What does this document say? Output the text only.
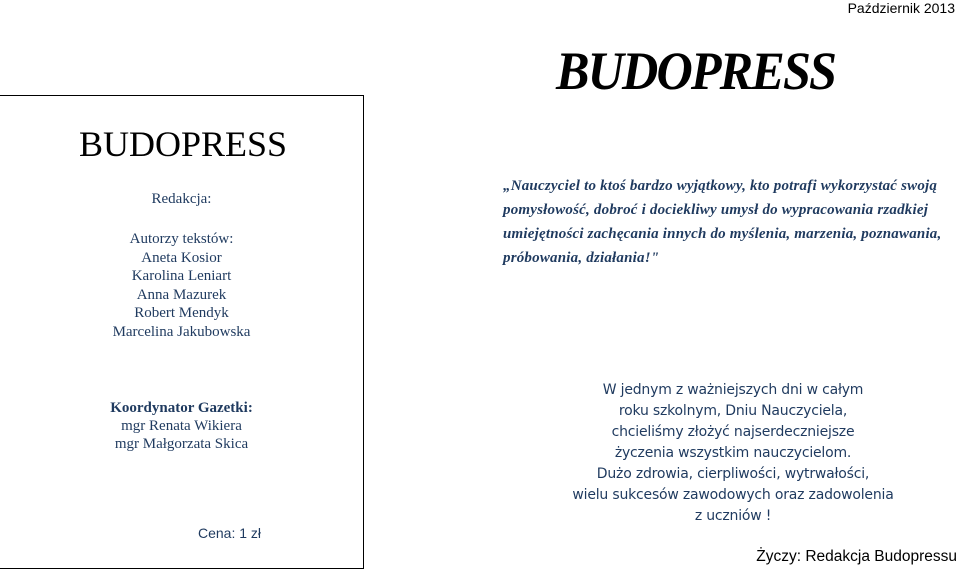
Październik 2013
BUDOPRESS
BUDOPRESS
Redakcja:
Autorzy tekstów:
Aneta Kosior
Karolina Leniart
Anna Mazurek
Robert Mendyk
Marcelina Jakubowska
Koordynator Gazetki:
mgr Renata Wikiera
mgr Małgorzata Skica
Cena: 1 zł
„Nauczyciel to ktoś bardzo wyjątkowy, kto potrafi wykorzystać swoją pomysłowość, dobroć i dociekliwy umysł do wypracowania rzadkiej umiejętności zachęcania innych do myślenia, marzenia, poznawania, próbowania, działania!"
W jednym z ważniejszych dni w całym
roku szkolnym, Dniu Nauczyciela,
chcieliśmy złożyć najserdeczniejsze
życzenia wszystkim nauczycielom.
Dużo zdrowia, cierpliwości, wytrwałości,
wielu sukcesów zawodowych oraz zadowolenia
z uczniów !
Życzy: Redakcja Budopressu
